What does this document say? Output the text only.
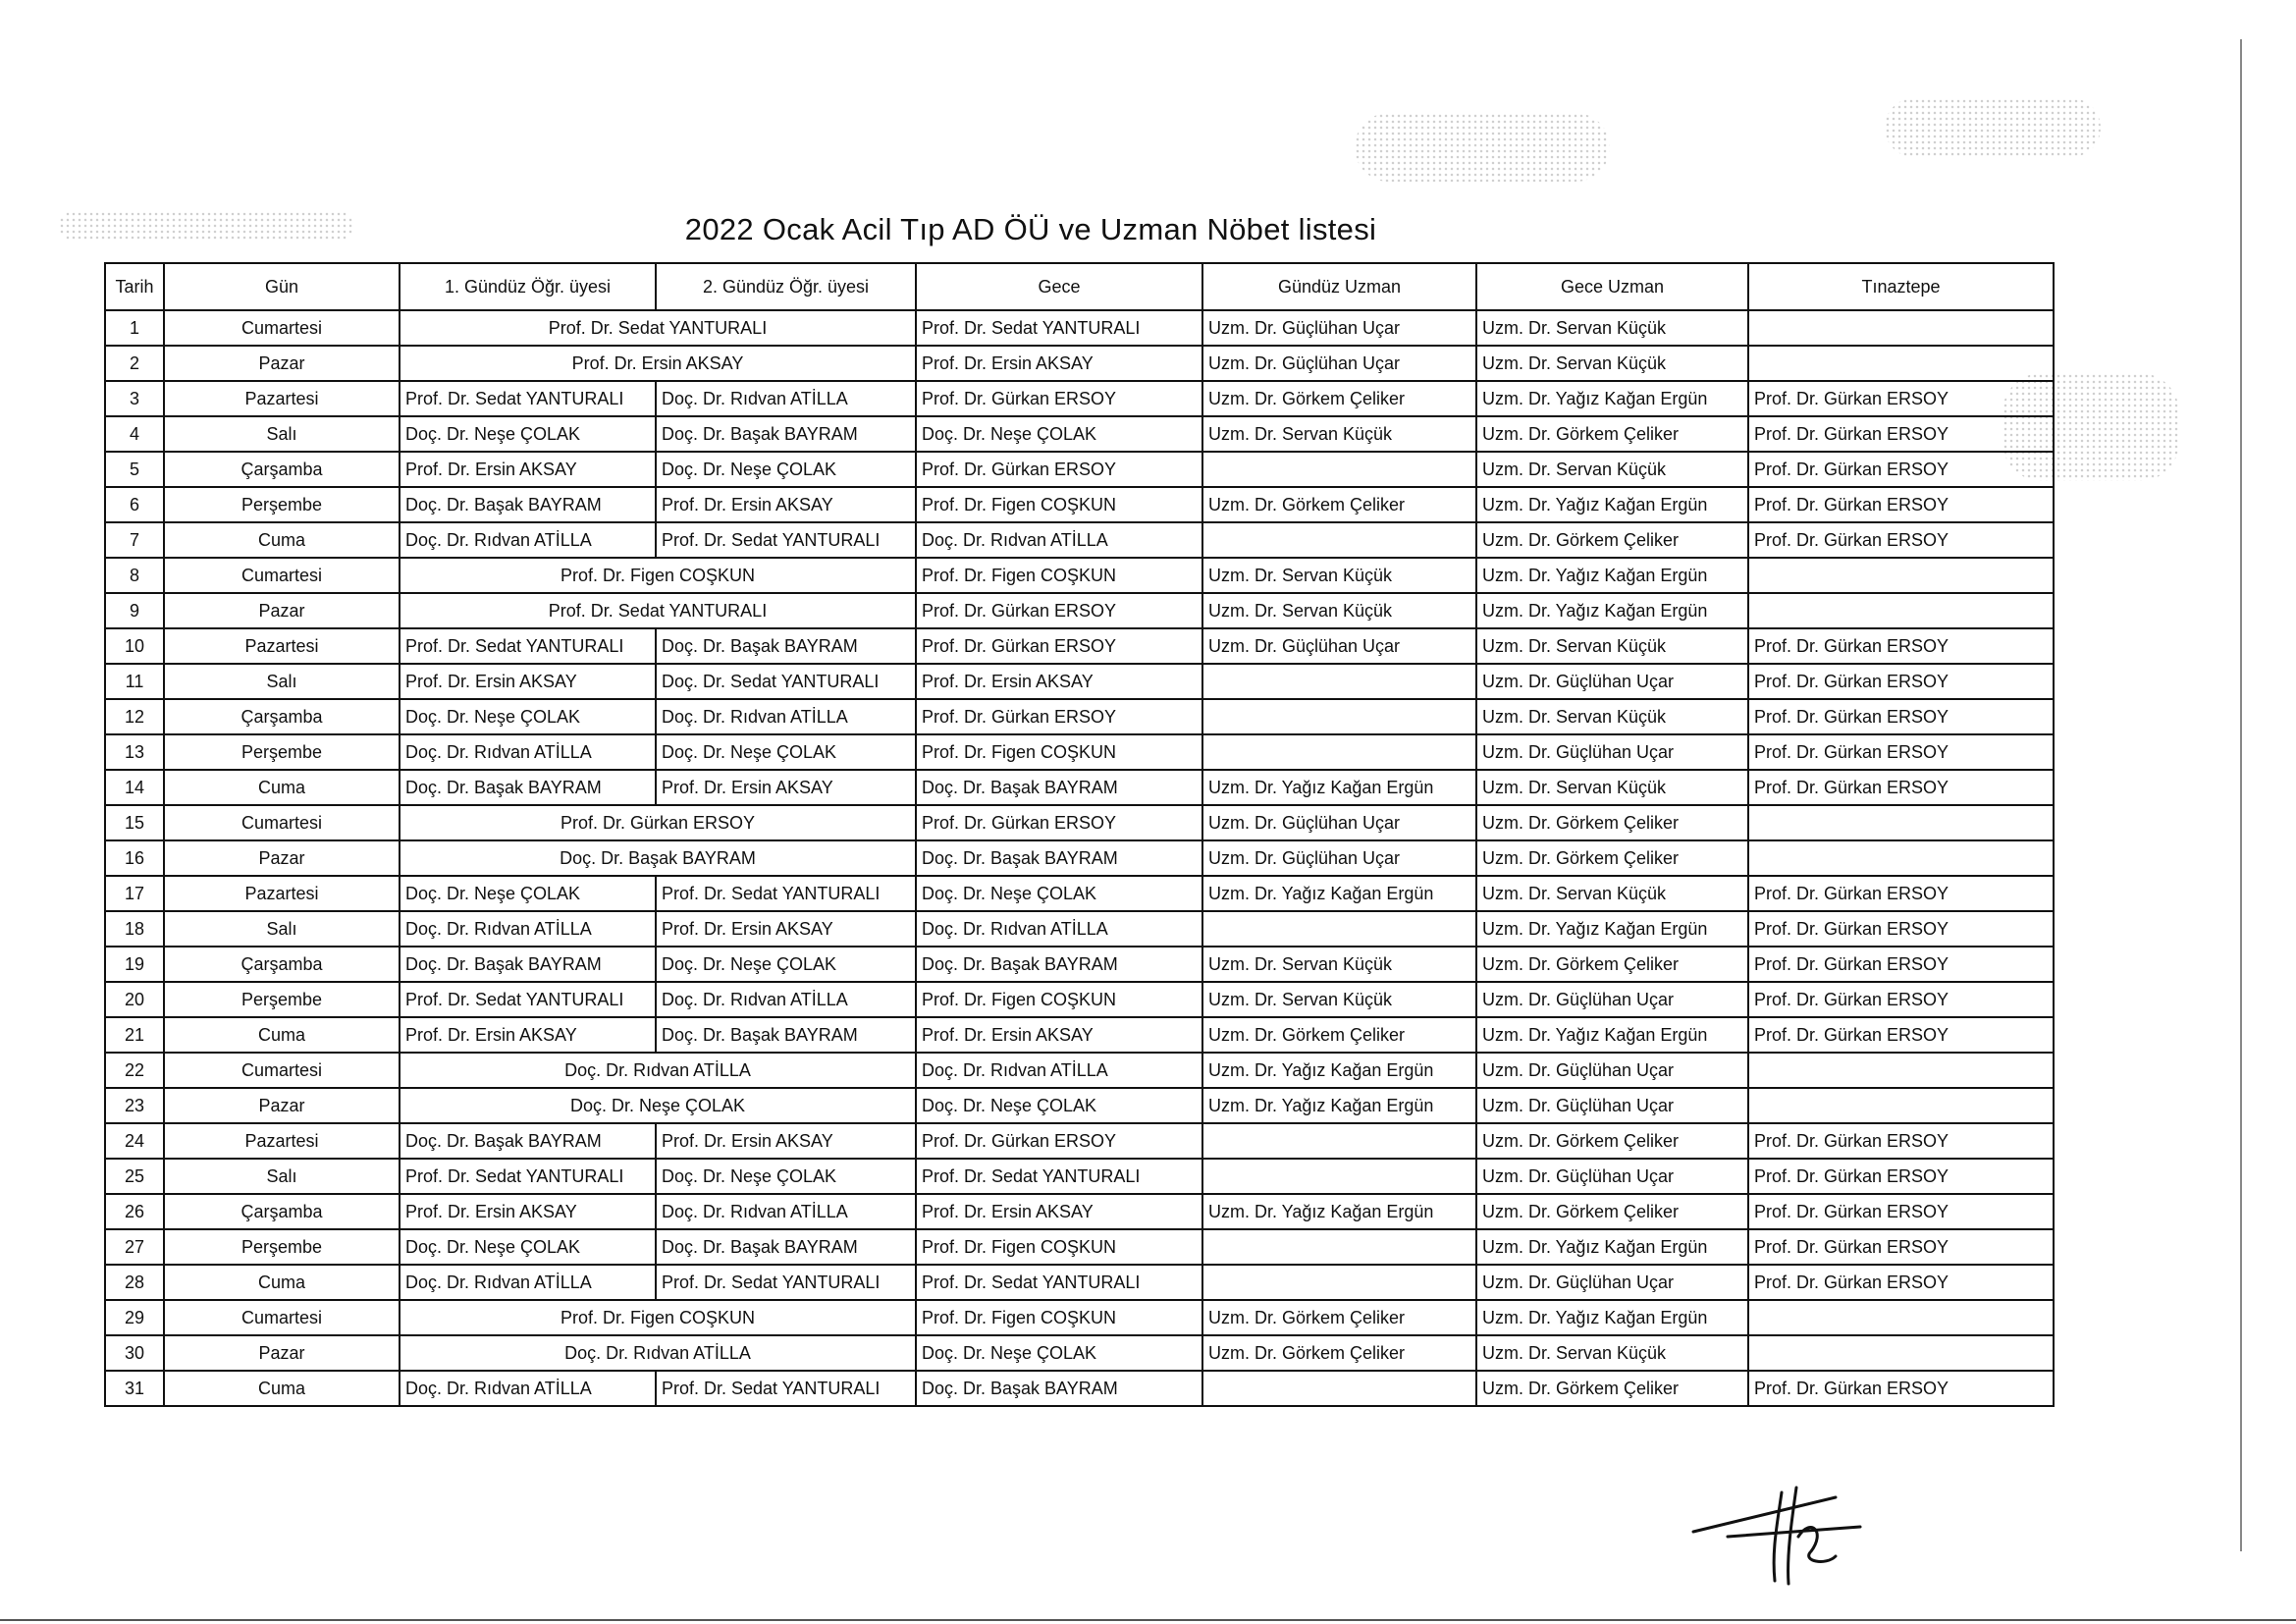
2022 Ocak Acil Tıp AD ÖÜ ve Uzman Nöbet listesi
Tarih	Gün	1. Gündüz Öğr. üyesi	2. Gündüz Öğr. üyesi	Gece	Gündüz Uzman	Gece Uzman	Tınaztepe
1	Cumartesi	Prof. Dr. Sedat YANTURALI		Prof. Dr. Sedat YANTURALI	Uzm. Dr. Güçlühan Uçar	Uzm. Dr. Servan Küçük	
2	Pazar	Prof. Dr. Ersin AKSAY		Prof. Dr. Ersin AKSAY	Uzm. Dr. Güçlühan Uçar	Uzm. Dr. Servan Küçük	
3	Pazartesi	Prof. Dr. Sedat YANTURALI	Doç. Dr. Rıdvan ATİLLA	Prof. Dr. Gürkan ERSOY	Uzm. Dr. Görkem Çeliker	Uzm. Dr. Yağız Kağan Ergün	Prof. Dr. Gürkan ERSOY
4	Salı	Doç. Dr. Neşe ÇOLAK	Doç. Dr. Başak BAYRAM	Doç. Dr. Neşe ÇOLAK	Uzm. Dr. Servan Küçük	Uzm. Dr. Görkem Çeliker	Prof. Dr. Gürkan ERSOY
5	Çarşamba	Prof. Dr. Ersin AKSAY	Doç. Dr. Neşe ÇOLAK	Prof. Dr. Gürkan ERSOY		Uzm. Dr. Servan Küçük	Prof. Dr. Gürkan ERSOY
6	Perşembe	Doç. Dr. Başak BAYRAM	Prof. Dr. Ersin AKSAY	Prof. Dr. Figen COŞKUN	Uzm. Dr. Görkem Çeliker	Uzm. Dr. Yağız Kağan Ergün	Prof. Dr. Gürkan ERSOY
7	Cuma	Doç. Dr. Rıdvan ATİLLA	Prof. Dr. Sedat YANTURALI	Doç. Dr. Rıdvan ATİLLA		Uzm. Dr. Görkem Çeliker	Prof. Dr. Gürkan ERSOY
8	Cumartesi	Prof. Dr. Figen COŞKUN		Prof. Dr. Figen COŞKUN	Uzm. Dr. Servan Küçük	Uzm. Dr. Yağız Kağan Ergün	
9	Pazar	Prof. Dr. Sedat YANTURALI		Prof. Dr. Gürkan ERSOY	Uzm. Dr. Servan Küçük	Uzm. Dr. Yağız Kağan Ergün	
10	Pazartesi	Prof. Dr. Sedat YANTURALI	Doç. Dr. Başak BAYRAM	Prof. Dr. Gürkan ERSOY	Uzm. Dr. Güçlühan Uçar	Uzm. Dr. Servan Küçük	Prof. Dr. Gürkan ERSOY
11	Salı	Prof. Dr. Ersin AKSAY	Doç. Dr. Sedat YANTURALI	Prof. Dr. Ersin AKSAY		Uzm. Dr. Güçlühan Uçar	Prof. Dr. Gürkan ERSOY
12	Çarşamba	Doç. Dr. Neşe ÇOLAK	Doç. Dr. Rıdvan ATİLLA	Prof. Dr. Gürkan ERSOY		Uzm. Dr. Servan Küçük	Prof. Dr. Gürkan ERSOY
13	Perşembe	Doç. Dr. Rıdvan ATİLLA	Doç. Dr. Neşe ÇOLAK	Prof. Dr. Figen COŞKUN		Uzm. Dr. Güçlühan Uçar	Prof. Dr. Gürkan ERSOY
14	Cuma	Doç. Dr. Başak BAYRAM	Prof. Dr. Ersin AKSAY	Doç. Dr. Başak BAYRAM	Uzm. Dr. Yağız Kağan Ergün	Uzm. Dr. Servan Küçük	Prof. Dr. Gürkan ERSOY
15	Cumartesi	Prof. Dr. Gürkan ERSOY		Prof. Dr. Gürkan ERSOY	Uzm. Dr. Güçlühan Uçar	Uzm. Dr. Görkem Çeliker	
16	Pazar	Doç. Dr. Başak BAYRAM		Doç. Dr. Başak BAYRAM	Uzm. Dr. Güçlühan Uçar	Uzm. Dr. Görkem Çeliker	
17	Pazartesi	Doç. Dr. Neşe ÇOLAK	Prof. Dr. Sedat YANTURALI	Doç. Dr. Neşe ÇOLAK	Uzm. Dr. Yağız Kağan Ergün	Uzm. Dr. Servan Küçük	Prof. Dr. Gürkan ERSOY
18	Salı	Doç. Dr. Rıdvan ATİLLA	Prof. Dr. Ersin AKSAY	Doç. Dr. Rıdvan ATİLLA		Uzm. Dr. Yağız Kağan Ergün	Prof. Dr. Gürkan ERSOY
19	Çarşamba	Doç. Dr. Başak BAYRAM	Doç. Dr. Neşe ÇOLAK	Doç. Dr. Başak BAYRAM	Uzm. Dr. Servan Küçük	Uzm. Dr. Görkem Çeliker	Prof. Dr. Gürkan ERSOY
20	Perşembe	Prof. Dr. Sedat YANTURALI	Doç. Dr. Rıdvan ATİLLA	Prof. Dr. Figen COŞKUN	Uzm. Dr. Servan Küçük	Uzm. Dr. Güçlühan Uçar	Prof. Dr. Gürkan ERSOY
21	Cuma	Prof. Dr. Ersin AKSAY	Doç. Dr. Başak BAYRAM	Prof. Dr. Ersin AKSAY	Uzm. Dr. Görkem Çeliker	Uzm. Dr. Yağız Kağan Ergün	Prof. Dr. Gürkan ERSOY
22	Cumartesi	Doç. Dr. Rıdvan ATİLLA		Doç. Dr. Rıdvan ATİLLA	Uzm. Dr. Yağız Kağan Ergün	Uzm. Dr. Güçlühan Uçar	
23	Pazar	Doç. Dr. Neşe ÇOLAK		Doç. Dr. Neşe ÇOLAK	Uzm. Dr. Yağız Kağan Ergün	Uzm. Dr. Güçlühan Uçar	
24	Pazartesi	Doç. Dr. Başak BAYRAM	Prof. Dr. Ersin AKSAY	Prof. Dr. Gürkan ERSOY		Uzm. Dr. Görkem Çeliker	Prof. Dr. Gürkan ERSOY
25	Salı	Prof. Dr. Sedat YANTURALI	Doç. Dr. Neşe ÇOLAK	Prof. Dr. Sedat YANTURALI		Uzm. Dr. Güçlühan Uçar	Prof. Dr. Gürkan ERSOY
26	Çarşamba	Prof. Dr. Ersin AKSAY	Doç. Dr. Rıdvan ATİLLA	Prof. Dr. Ersin AKSAY	Uzm. Dr. Yağız Kağan Ergün	Uzm. Dr. Görkem Çeliker	Prof. Dr. Gürkan ERSOY
27	Perşembe	Doç. Dr. Neşe ÇOLAK	Doç. Dr. Başak BAYRAM	Prof. Dr. Figen COŞKUN		Uzm. Dr. Yağız Kağan Ergün	Prof. Dr. Gürkan ERSOY
28	Cuma	Doç. Dr. Rıdvan ATİLLA	Prof. Dr. Sedat YANTURALI	Prof. Dr. Sedat YANTURALI		Uzm. Dr. Güçlühan Uçar	Prof. Dr. Gürkan ERSOY
29	Cumartesi	Prof. Dr. Figen COŞKUN		Prof. Dr. Figen COŞKUN	Uzm. Dr. Görkem Çeliker	Uzm. Dr. Yağız Kağan Ergün	
30	Pazar	Doç. Dr. Rıdvan ATİLLA		Doç. Dr. Neşe ÇOLAK	Uzm. Dr. Görkem Çeliker	Uzm. Dr. Servan Küçük	
31	Cuma	Doç. Dr. Rıdvan ATİLLA	Prof. Dr. Sedat YANTURALI	Doç. Dr. Başak BAYRAM		Uzm. Dr. Görkem Çeliker	Prof. Dr. Gürkan ERSOY
